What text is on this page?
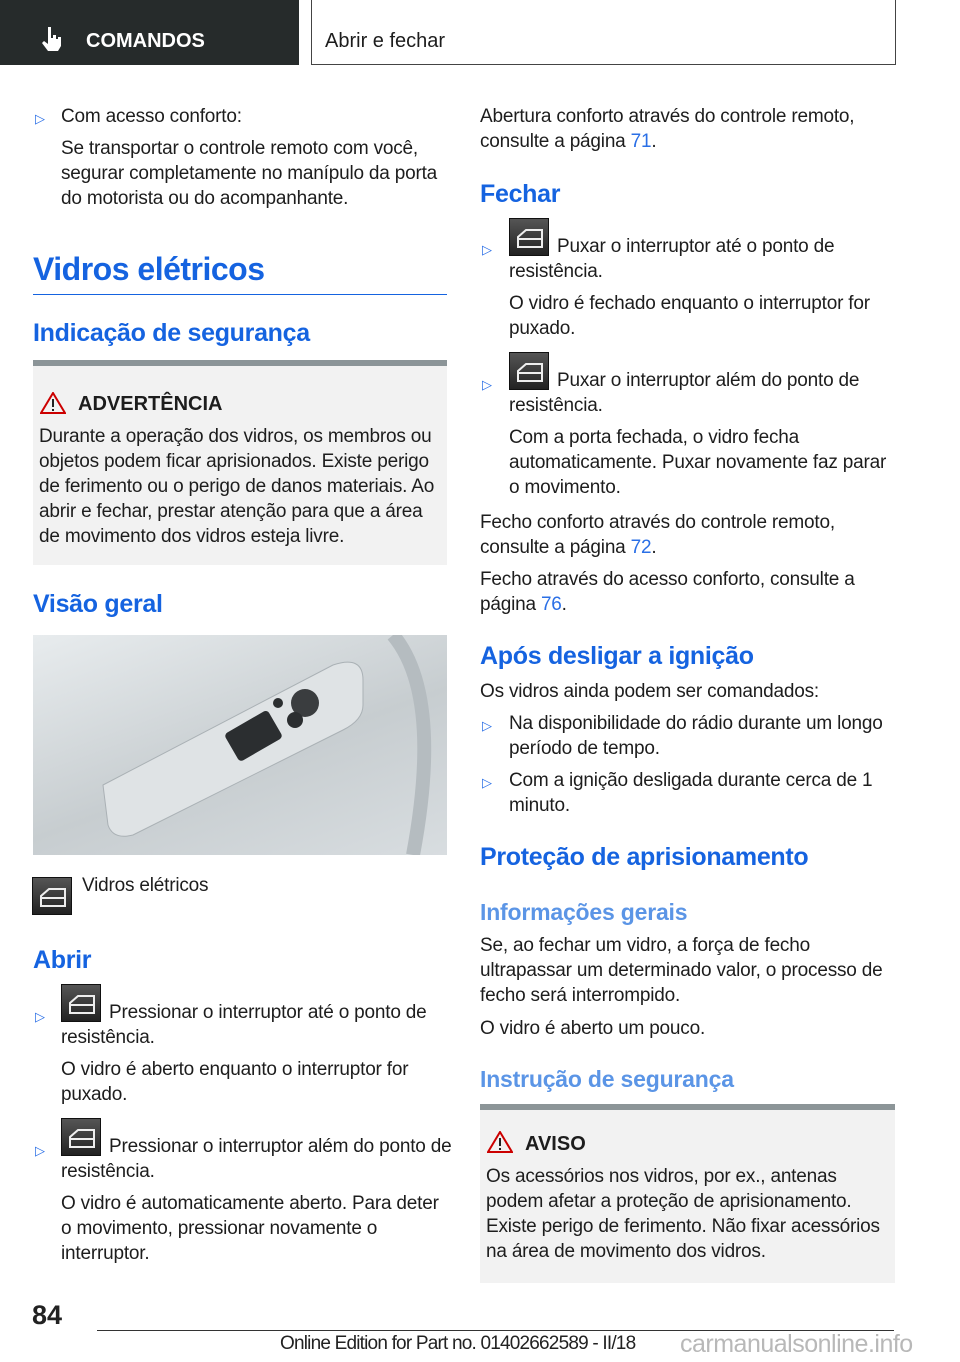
COMANDOS	Abrir e fechar
▷ Com acesso conforto:
Se transportar o controle remoto com você, segurar completamente no manípulo da porta do motorista ou do acompanhante.
Vidros elétricos
Indicação de segurança
ADVERTÊNCIA
Durante a operação dos vidros, os membros ou objetos podem ficar aprisionados. Existe perigo de ferimento ou o perigo de danos materiais. Ao abrir e fechar, prestar atenção para que a área de movimento dos vidros esteja livre.
Visão geral
Vidros elétricos
Abrir
▷	Pressionar o interruptor até o ponto de resistência.
O vidro é aberto enquanto o interruptor for puxado.
▷	Pressionar o interruptor além do ponto de resistência.
O vidro é automaticamente aberto. Para deter o movimento, pressionar novamente o interruptor.
Abertura conforto através do controle remoto, consulte a página 71.
Fechar
▷	Puxar o interruptor até o ponto de resistência.
O vidro é fechado enquanto o interruptor for puxado.
▷	Puxar o interruptor além do ponto de resistência.
Com a porta fechada, o vidro fecha automaticamente. Puxar novamente faz parar o movimento.
Fecho conforto através do controle remoto, consulte a página 72.
Fecho através do acesso conforto, consulte a página 76.
Após desligar a ignição
Os vidros ainda podem ser comandados:
▷ Na disponibilidade do rádio durante um longo período de tempo.
▷ Com a ignição desligada durante cerca de 1 minuto.
Proteção de aprisionamento
Informações gerais
Se, ao fechar um vidro, a força de fecho ultrapassar um determinado valor, o processo de fecho será interrompido.
O vidro é aberto um pouco.
Instrução de segurança
AVISO
Os acessórios nos vidros, por ex., antenas podem afetar a proteção de aprisionamento. Existe perigo de ferimento. Não fixar acessórios na área de movimento dos vidros.
84
Online Edition for Part no. 01402662589 - II/18 carmanualsonline.info
